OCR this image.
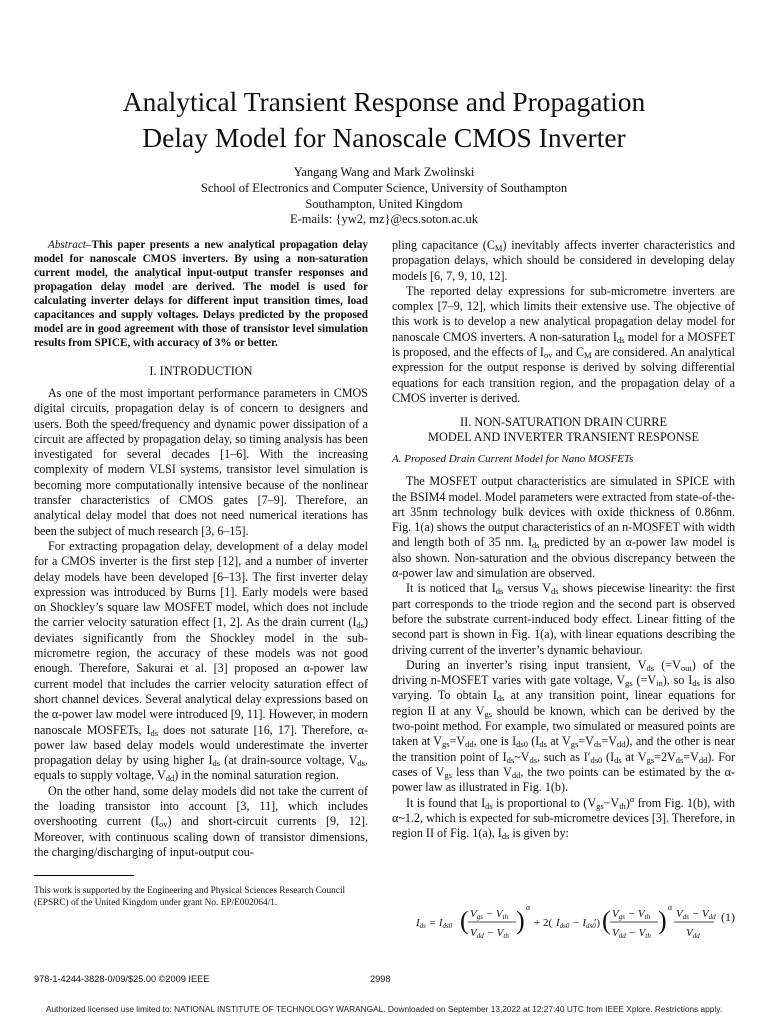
Analytical Transient Response and Propagation
Delay Model for Nanoscale CMOS Inverter
Yangang Wang and Mark Zwolinski
School of Electronics and Computer Science, University of Southampton
Southampton, United Kingdom
E-mails: {yw2, mz}@ecs.soton.ac.uk

Abstract–This paper presents a new analytical propagation delay model for nanoscale CMOS inverters. By using a non-saturation current model, the analytical input-output transfer responses and propagation delay model are derived. The model is used for calculating inverter delays for different input transition times, load capacitances and supply voltages. Delays predicted by the proposed model are in good agreement with those of transistor level simulation results from SPICE, with accuracy of 3% or better.

I. INTRODUCTION

As one of the most important performance parameters in CMOS digital circuits, propagation delay is of concern to designers and users. Both the speed/frequency and dynamic power dissipation of a circuit are affected by propagation delay, so timing analysis has been investigated for several decades [1–6]. With the increasing complexity of modern VLSI systems, transistor level simulation is becoming more computationally intensive because of the nonlinear transfer characteristics of CMOS gates [7–9]. Therefore, an analytical delay model that does not need numerical iterations has been the subject of much research [3, 6–15].

For extracting propagation delay, development of a delay model for a CMOS inverter is the first step [12], and a number of inverter delay models have been developed [6–13]. The first inverter delay expression was introduced by Burns [1]. Early models were based on Shockley’s square law MOSFET model, which does not include the carrier velocity saturation effect [1, 2]. As the drain current $(I_{ds})$ deviates significantly from the Shockley model in the sub-micrometre region, the accuracy of these models was not good enough. Therefore, Sakurai et al. [3] proposed an α-power law current model that includes the carrier velocity saturation effect of short channel devices. Several analytical delay expressions based on the α-power law model were introduced [9, 11]. However, in modern nanoscale MOSFETs, $I_{ds}$ does not saturate [16, 17]. Therefore, α-power law based delay models would underestimate the inverter propagation delay by using higher $I_{ds}$ (at drain-source voltage, $V_{ds}$, equals to supply voltage, $V_{dd}$) in the nominal saturation region.

On the other hand, some delay models did not take the current of the loading transistor into account [3, 11], which includes overshooting current $(I_{ov})$ and short-circuit currents [9, 12]. Moreover, with continuous scaling down of transistor dimensions, the charging/discharging of input-output cou-

This work is supported by the Engineering and Physical Sciences Research Council (EPSRC) of the United Kingdom under grant No. EP/E002064/1.

pling capacitance $(C_M)$ inevitably affects inverter characteristics and propagation delays, which should be considered in developing delay models [6, 7, 9, 10, 12].

The reported delay expressions for sub-micrometre inverters are complex [7–9, 12], which limits their extensive use. The objective of this work is to develop a new analytical propagation delay model for nanoscale CMOS inverters. A non-saturation $I_{ds}$ model for a MOSFET is proposed, and the effects of $I_{ov}$ and $C_M$ are considered. An analytical expression for the output response is derived by solving differential equations for each transition region, and the propagation delay of a CMOS inverter is derived.

II. NON-SATURATION DRAIN CURRE
MODEL AND INVERTER TRANSIENT RESPONSE
A. Proposed Drain Current Model for Nano MOSFETs

The MOSFET output characteristics are simulated in SPICE with the BSIM4 model. Model parameters were extracted from state-of-the-art 35nm technology bulk devices with oxide thickness of 0.86nm. Fig. 1(a) shows the output characteristics of an n-MOSFET with width and length both of 35 nm. $I_{ds}$ predicted by an α-power law model is also shown. Non-saturation and the obvious discrepancy between the α-power law and simulation are observed.

It is noticed that $I_{ds}$ versus $V_{ds}$ shows piecewise linearity: the first part corresponds to the triode region and the second part is observed before the substrate current-induced body effect. Linear fitting of the second part is shown in Fig. 1(a), with linear equations describing the driving current of the inverter’s dynamic behaviour.

During an inverter’s rising input transient, $V_{ds}$ $(=V_{out})$ of the driving n-MOSFET varies with gate voltage, $V_{gs}$ $(=V_{in})$, so $I_{ds}$ is also varying. To obtain $I_{ds}$ at any transition point, linear equations for region II at any $V_{gs}$ should be known, which can be derived by the two-point method. For example, two simulated or measured points are taken at $V_{gs}=V_{dd}$, one is $I_{ds0}$ ($I_{ds}$ at $V_{gs}=V_{ds}=V_{dd}$), and the other is near the transition point of $I_{ds}\sim V_{ds}$, such as $I'_{ds0}$ ($I_{ds}$ at $V_{gs}=2V_{ds}=V_{dd}$). For cases of $V_{gs}$ less than $V_{dd}$, the two points can be estimated by the α-power law as illustrated in Fig. 1(b).

It is found that $I_{ds}$ is proportional to $(V_{gs}-V_{th})^\alpha$ from Fig. 1(b), with α~1.2, which is expected for sub-micrometre devices [3]. Therefore, in region II of Fig. 1(a), $I_{ds}$ is given by:

Ids = Ids0 ( Vgs − Vth
Vdd − Vth
) α
+ 2( Ids0 − Ids0
′) ( Vgs − Vth
Vdd − Vth
) α
Vds − Vdd
Vdd
(1)
978-1-4244-3828-0/09/$25.00 ©2009 IEEE	2998
Authorized licensed use limited to: NATIONAL INSTITUTE OF TECHNOLOGY WARANGAL. Downloaded on September 13,2022 at 12:27:40 UTC from IEEE Xplore. Restrictions apply.
